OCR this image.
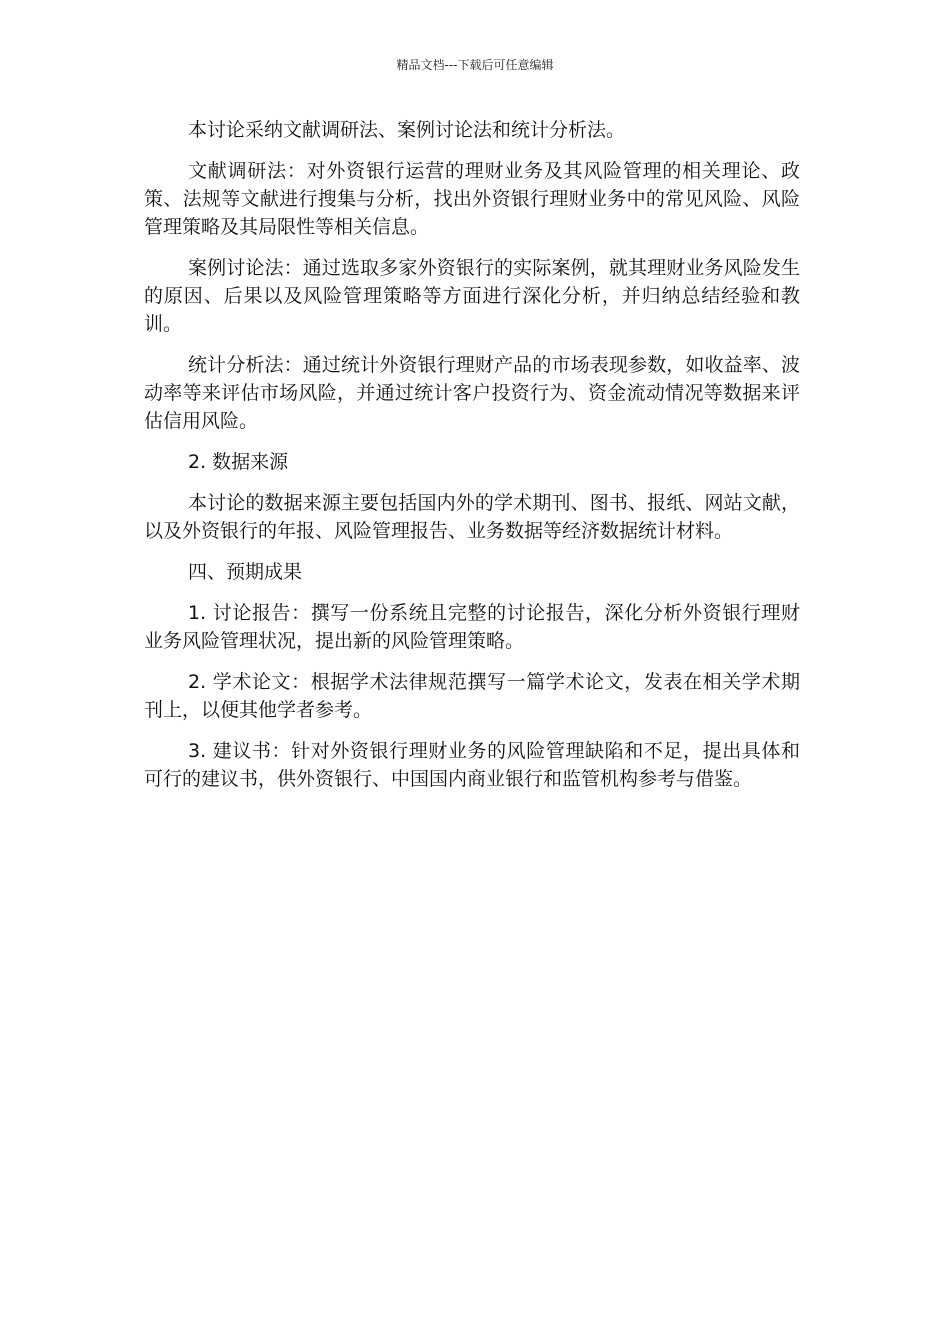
精品文档---下载后可任意编辑

本讨论采纳文献调研法、案例讨论法和统计分析法。

文献调研法：对外资银行运营的理财业务及其风险管理的相关理论、政策、法规等文献进行搜集与分析，找出外资银行理财业务中的常见风险、风险管理策略及其局限性等相关信息。

案例讨论法：通过选取多家外资银行的实际案例，就其理财业务风险发生的原因、后果以及风险管理策略等方面进行深化分析，并归纳总结经验和教训。

统计分析法：通过统计外资银行理财产品的市场表现参数，如收益率、波动率等来评估市场风险，并通过统计客户投资行为、资金流动情况等数据来评估信用风险。

2. 数据来源

本讨论的数据来源主要包括国内外的学术期刊、图书、报纸、网站文献，以及外资银行的年报、风险管理报告、业务数据等经济数据统计材料。

四、预期成果

1. 讨论报告：撰写一份系统且完整的讨论报告，深化分析外资银行理财业务风险管理状况，提出新的风险管理策略。

2. 学术论文：根据学术法律规范撰写一篇学术论文，发表在相关学术期刊上，以便其他学者参考。

3. 建议书：针对外资银行理财业务的风险管理缺陷和不足，提出具体和可行的建议书，供外资银行、中国国内商业银行和监管机构参考与借鉴。
